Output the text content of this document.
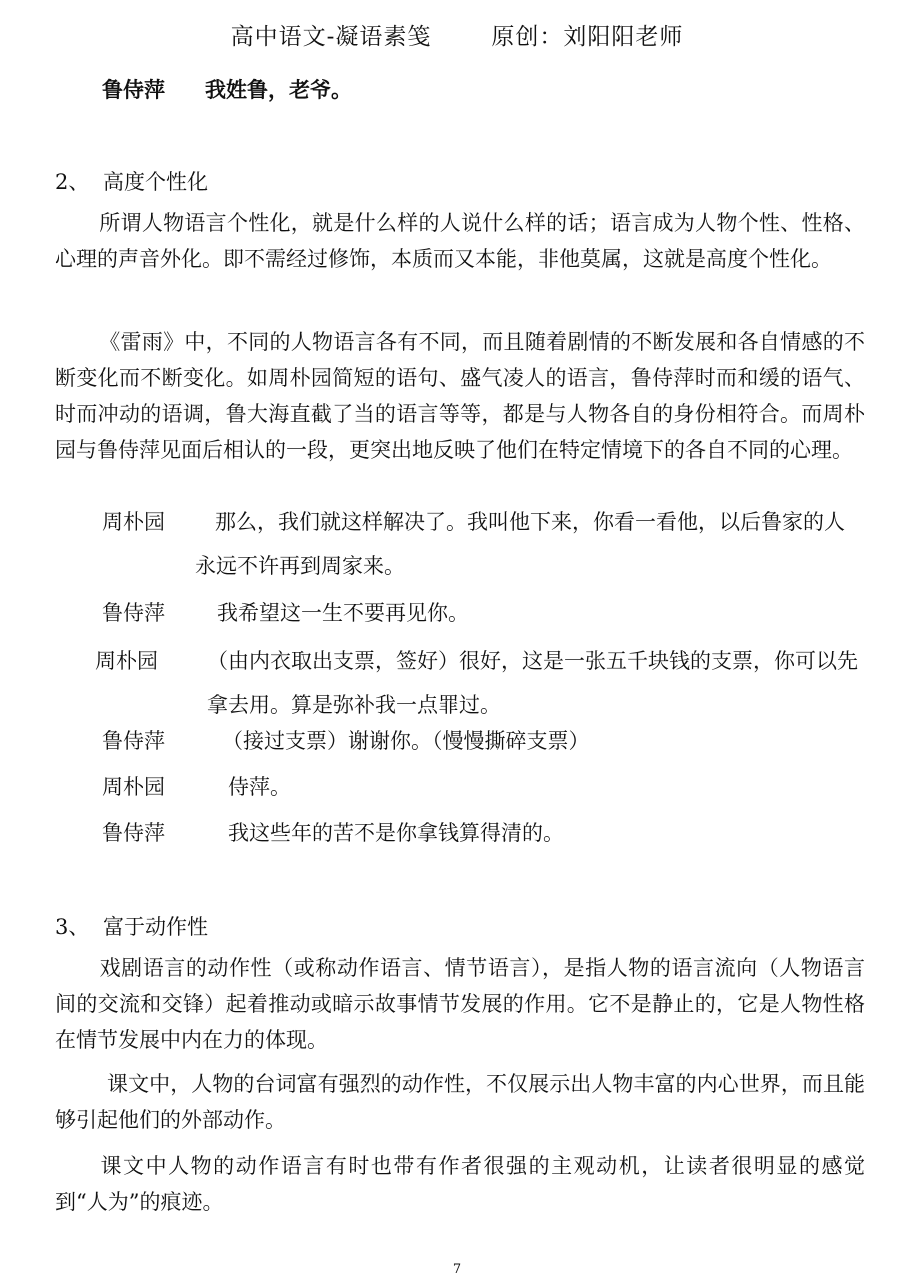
高中语文-凝语素笺	原创：刘阳阳老师
鲁侍萍 我姓鲁，老爷。
2、 高度个性化
所谓人物语言个性化，就是什么样的人说什么样的话；语言成为人物个性、性格、心理的声音外化。即不需经过修饰，本质而又本能，非他莫属，这就是高度个性化。
《雷雨》中，不同的人物语言各有不同，而且随着剧情的不断发展和各自情感的不断变化而不断变化。如周朴园简短的语句、盛气凌人的语言，鲁侍萍时而和缓的语气、时而冲动的语调，鲁大海直截了当的语言等等，都是与人物各自的身份相符合。而周朴园与鲁侍萍见面后相认的一段，更突出地反映了他们在特定情境下的各自不同的心理。
周朴园	那么，我们就这样解决了。我叫他下来，你看一看他，以后鲁家的人永远不许再到周家来。
鲁侍萍 我希望这一生不要再见你。
周朴园 （由内衣取出支票，签好）很好，这是一张五千块钱的支票，你可以先拿去用。算是弥补我一点罪过。
鲁侍萍	（接过支票）谢谢你。（慢慢撕碎支票）
周朴园	侍萍。
鲁侍萍	我这些年的苦不是你拿钱算得清的。
3、 富于动作性
戏剧语言的动作性（或称动作语言、情节语言），是指人物的语言流向（人物语言间的交流和交锋）起着推动或暗示故事情节发展的作用。它不是静止的，它是人物性格在情节发展中内在力的体现。
课文中，人物的台词富有强烈的动作性，不仅展示出人物丰富的内心世界，而且能够引起他们的外部动作。
课文中人物的动作语言有时也带有作者很强的主观动机，让读者很明显的感觉到“人为”的痕迹。
7
